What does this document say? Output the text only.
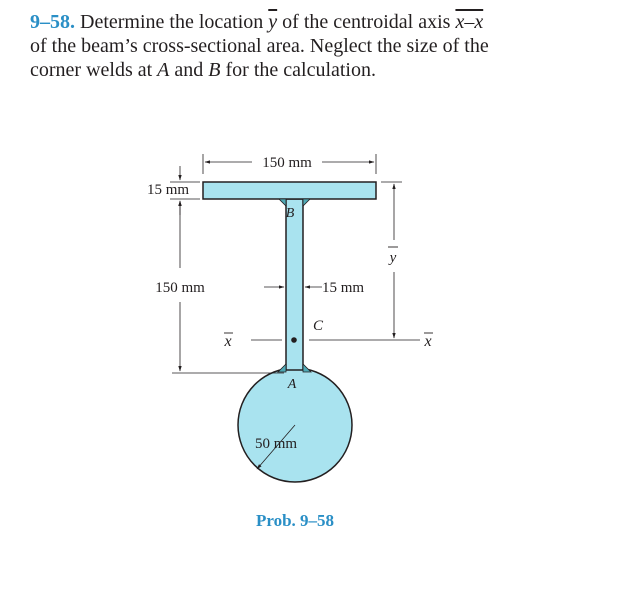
9–58. Determine the location $\overline{y}$ of the centroidal axis x–x
of the beam’s cross-sectional area. Neglect the size of the
corner welds at A and B for the calculation.
150 mm
15 mm
150 mm	15 mm
y
x	x
C
B
A
50 mm
Prob. 9–58
